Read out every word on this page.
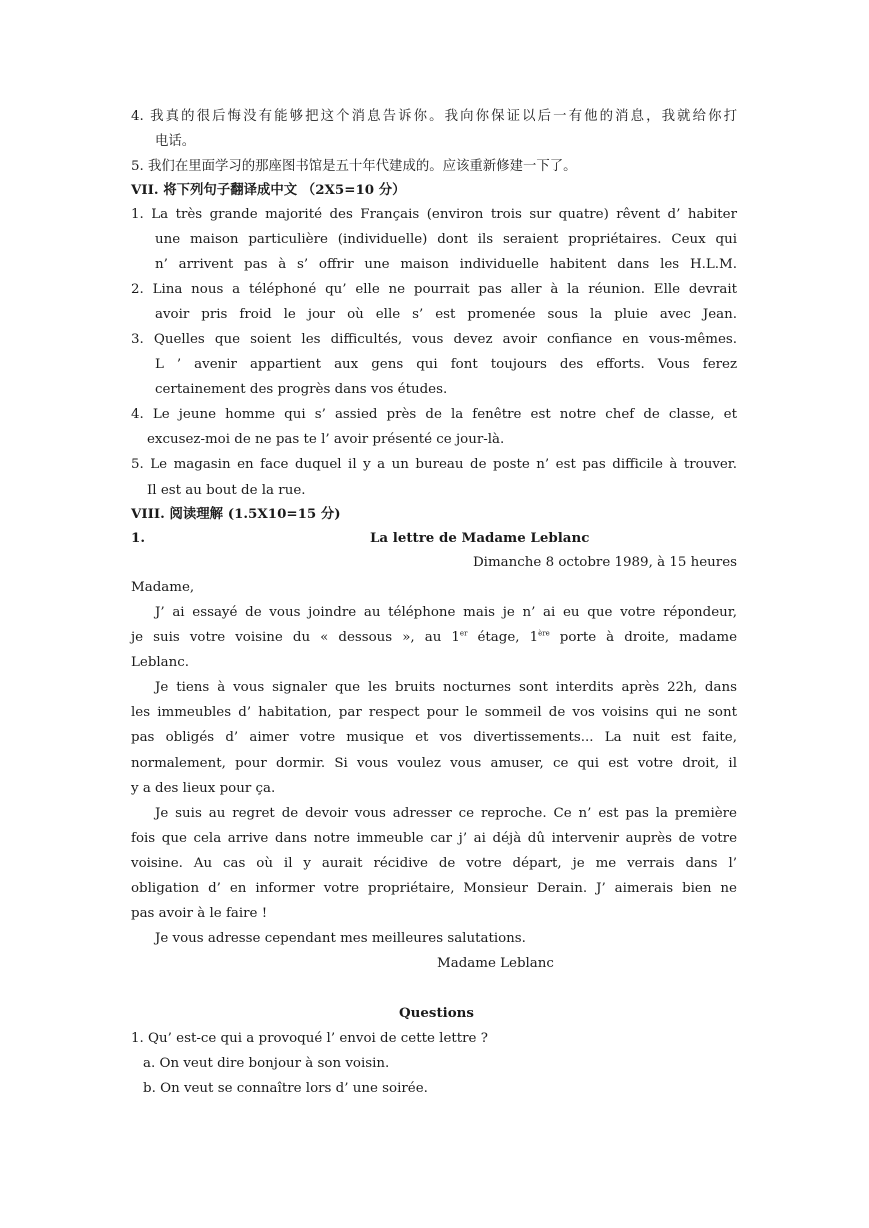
4. 我真的很后悔没有能够把这个消息告诉你。我向你保证以后一有他的消息，我就给你打
电话。
5. 我们在里面学习的那座图书馆是五十年代建成的。应该重新修建一下了。
VII. 将下列句子翻译成中文 （2X5=10 分）
1. La très grande majorité des Français (environ trois sur quatre) rêvent d’ habiter
une maison particulière (individuelle) dont ils seraient propriétaires. Ceux qui
n’ arrivent pas à s’ offrir une maison individuelle habitent dans les H.L.M.
2. Lina nous a téléphoné qu’ elle ne pourrait pas aller à la réunion. Elle devrait
avoir pris froid le jour où elle s’ est promenée sous la pluie avec Jean.
3. Quelles que soient les difficultés, vous devez avoir confiance en vous-mêmes.
L ’ avenir appartient aux gens qui font toujours des efforts. Vous ferez
certainement des progrès dans vos études.
4. Le jeune homme qui s’ assied près de la fenêtre est notre chef de classe, et
excusez-moi de ne pas te l’ avoir présenté ce jour-là.
5. Le magasin en face duquel il y a un bureau de poste n’ est pas difficile à trouver.
Il est au bout de la rue.
VIII. 阅读理解 (1.5X10=15 分)
1.	La lettre de Madame Leblanc
Dimanche 8 octobre 1989, à 15 heures
Madame,
J’ ai essayé de vous joindre au téléphone mais je n’ ai eu que votre répondeur,
je suis votre voisine du « dessous », au 1er étage, 1ère porte à droite, madame
Leblanc.
Je tiens à vous signaler que les bruits nocturnes sont interdits après 22h, dans
les immeubles d’ habitation, par respect pour le sommeil de vos voisins qui ne sont
pas obligés d’ aimer votre musique et vos divertissements... La nuit est faite,
normalement, pour dormir. Si vous voulez vous amuser, ce qui est votre droit, il
y a des lieux pour ça.
Je suis au regret de devoir vous adresser ce reproche. Ce n’ est pas la première
fois que cela arrive dans notre immeuble car j’ ai déjà dû intervenir auprès de votre
voisine. Au cas où il y aurait récidive de votre départ, je me verrais dans l’
obligation d’ en informer votre propriétaire, Monsieur Derain. J’ aimerais bien ne
pas avoir à le faire !
Je vous adresse cependant mes meilleures salutations.
Madame Leblanc
Questions
1. Qu’ est-ce qui a provoqué l’ envoi de cette lettre ?
a. On veut dire bonjour à son voisin.
b. On veut se connaître lors d’ une soirée.
